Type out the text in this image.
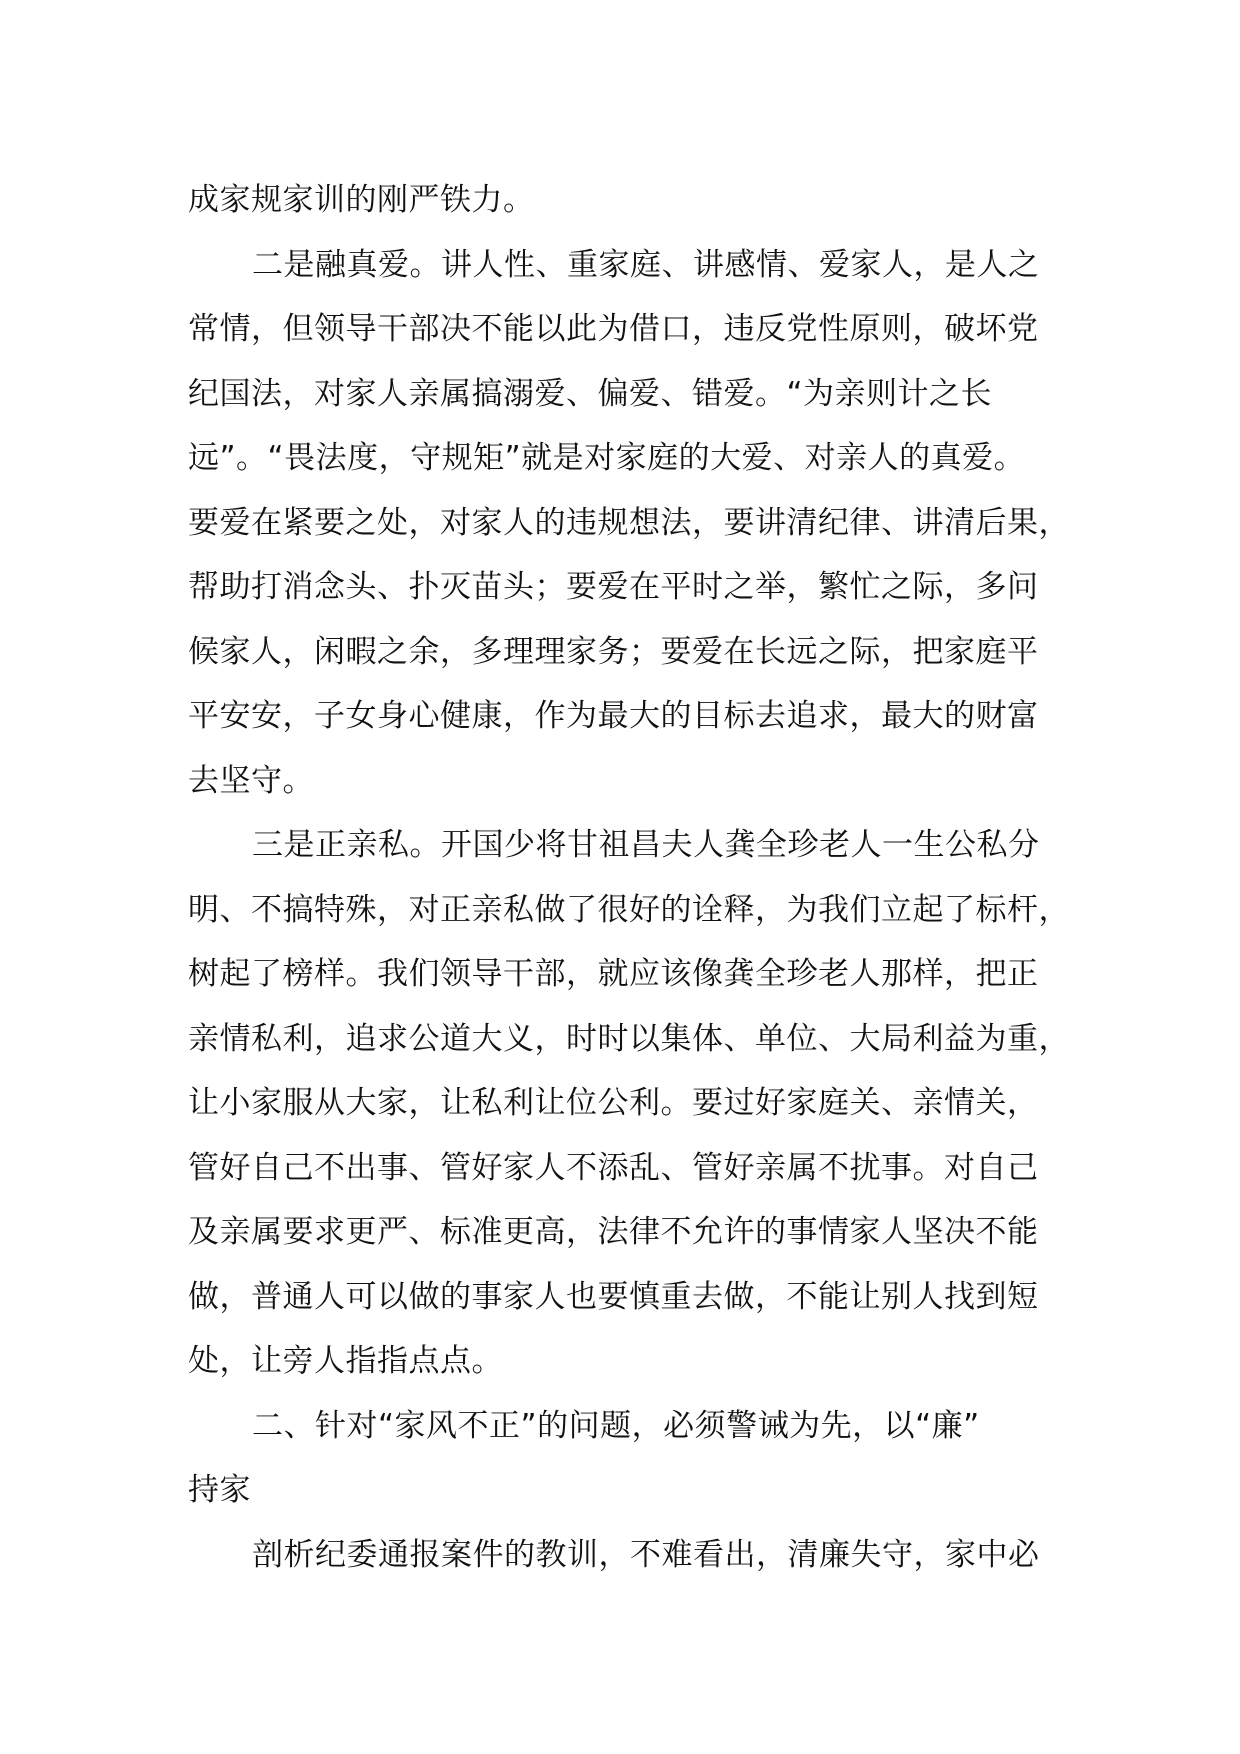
成家规家训的刚严铁力。
二是融真爱。讲人性、重家庭、讲感情、爱家人，是人之
常情，但领导干部决不能以此为借口，违反党性原则，破坏党
纪国法，对家人亲属搞溺爱、偏爱、错爱。“为亲则计之长
远”。“畏法度，守规矩”就是对家庭的大爱、对亲人的真爱。
要爱在紧要之处，对家人的违规想法，要讲清纪律、讲清后果，
帮助打消念头、扑灭苗头；要爱在平时之举，繁忙之际，多问
候家人，闲暇之余，多理理家务；要爱在长远之际，把家庭平
平安安，子女身心健康，作为最大的目标去追求，最大的财富
去坚守。
三是正亲私。开国少将甘祖昌夫人龚全珍老人一生公私分
明、不搞特殊，对正亲私做了很好的诠释，为我们立起了标杆，
树起了榜样。我们领导干部，就应该像龚全珍老人那样，把正
亲情私利，追求公道大义，时时以集体、单位、大局利益为重，
让小家服从大家，让私利让位公利。要过好家庭关、亲情关，
管好自己不出事、管好家人不添乱、管好亲属不扰事。对自己
及亲属要求更严、标准更高，法律不允许的事情家人坚决不能
做，普通人可以做的事家人也要慎重去做，不能让别人找到短
处，让旁人指指点点。
二、针对“家风不正”的问题，必须警诫为先，以“廉”
持家
剖析纪委通报案件的教训，不难看出，清廉失守，家中必
